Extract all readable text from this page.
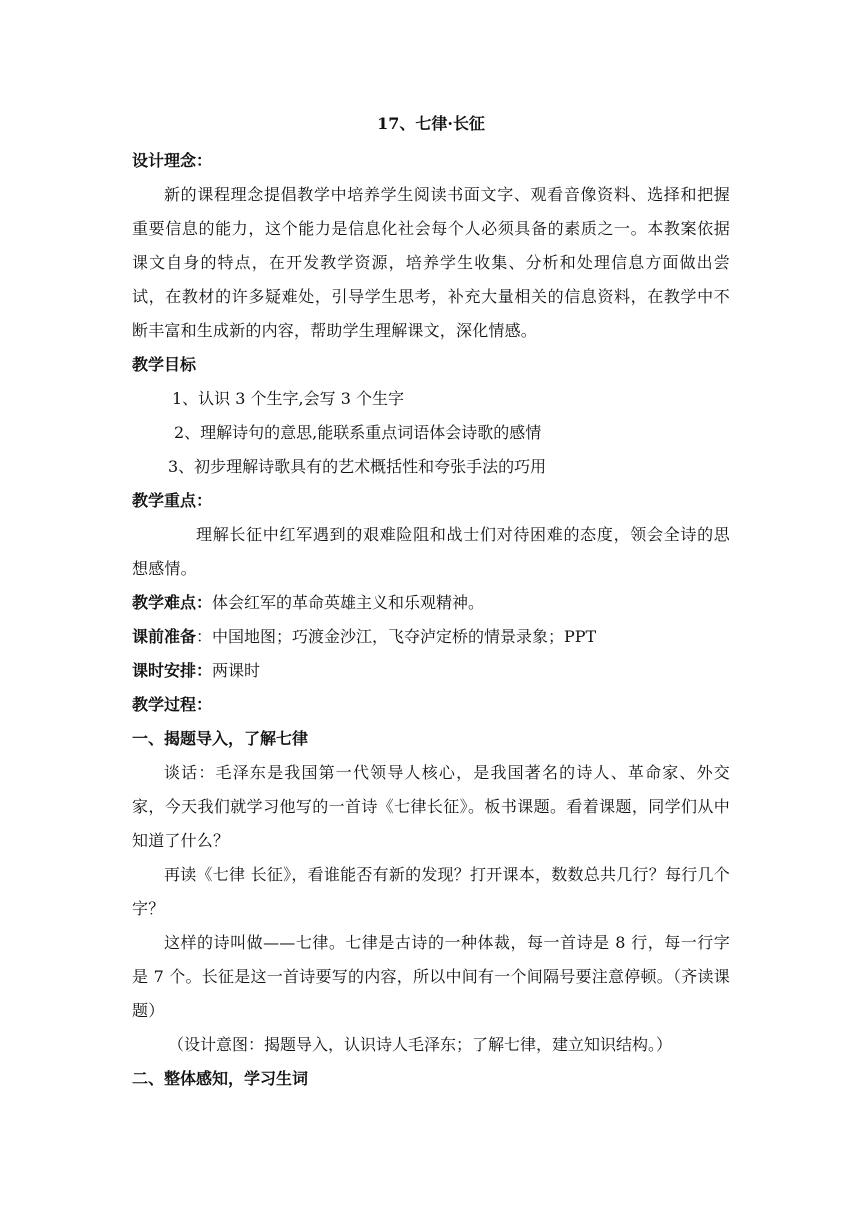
17、七律·长征

设计理念：

新的课程理念提倡教学中培养学生阅读书面文字、观看音像资料、选择和把握重要信息的能力，这个能力是信息化社会每个人必须具备的素质之一。本教案依据课文自身的特点，在开发教学资源，培养学生收集、分析和处理信息方面做出尝试，在教材的许多疑难处，引导学生思考，补充大量相关的信息资料，在教学中不断丰富和生成新的内容，帮助学生理解课文，深化情感。

教学目标

1、认识 3 个生字,会写 3 个生字

2、理解诗句的意思,能联系重点词语体会诗歌的感情

3、初步理解诗歌具有的艺术概括性和夸张手法的巧用

教学重点：

理解长征中红军遇到的艰难险阻和战士们对待困难的态度，领会全诗的思想感情。

教学难点：体会红军的革命英雄主义和乐观精神。

课前准备：中国地图；巧渡金沙江，飞夺泸定桥的情景录象；PPT

课时安排：两课时

教学过程：

一、揭题导入，了解七律

谈话：毛泽东是我国第一代领导人核心，是我国著名的诗人、革命家、外交家，今天我们就学习他写的一首诗《七律长征》。板书课题。看着课题，同学们从中知道了什么？

再读《七律 长征》，看谁能否有新的发现？打开课本，数数总共几行？每行几个字？

这样的诗叫做——七律。七律是古诗的一种体裁，每一首诗是 8 行，每一行字是 7 个。长征是这一首诗要写的内容，所以中间有一个间隔号要注意停顿。（齐读课题）

（设计意图：揭题导入，认识诗人毛泽东；了解七律，建立知识结构。）

二、整体感知，学习生词
